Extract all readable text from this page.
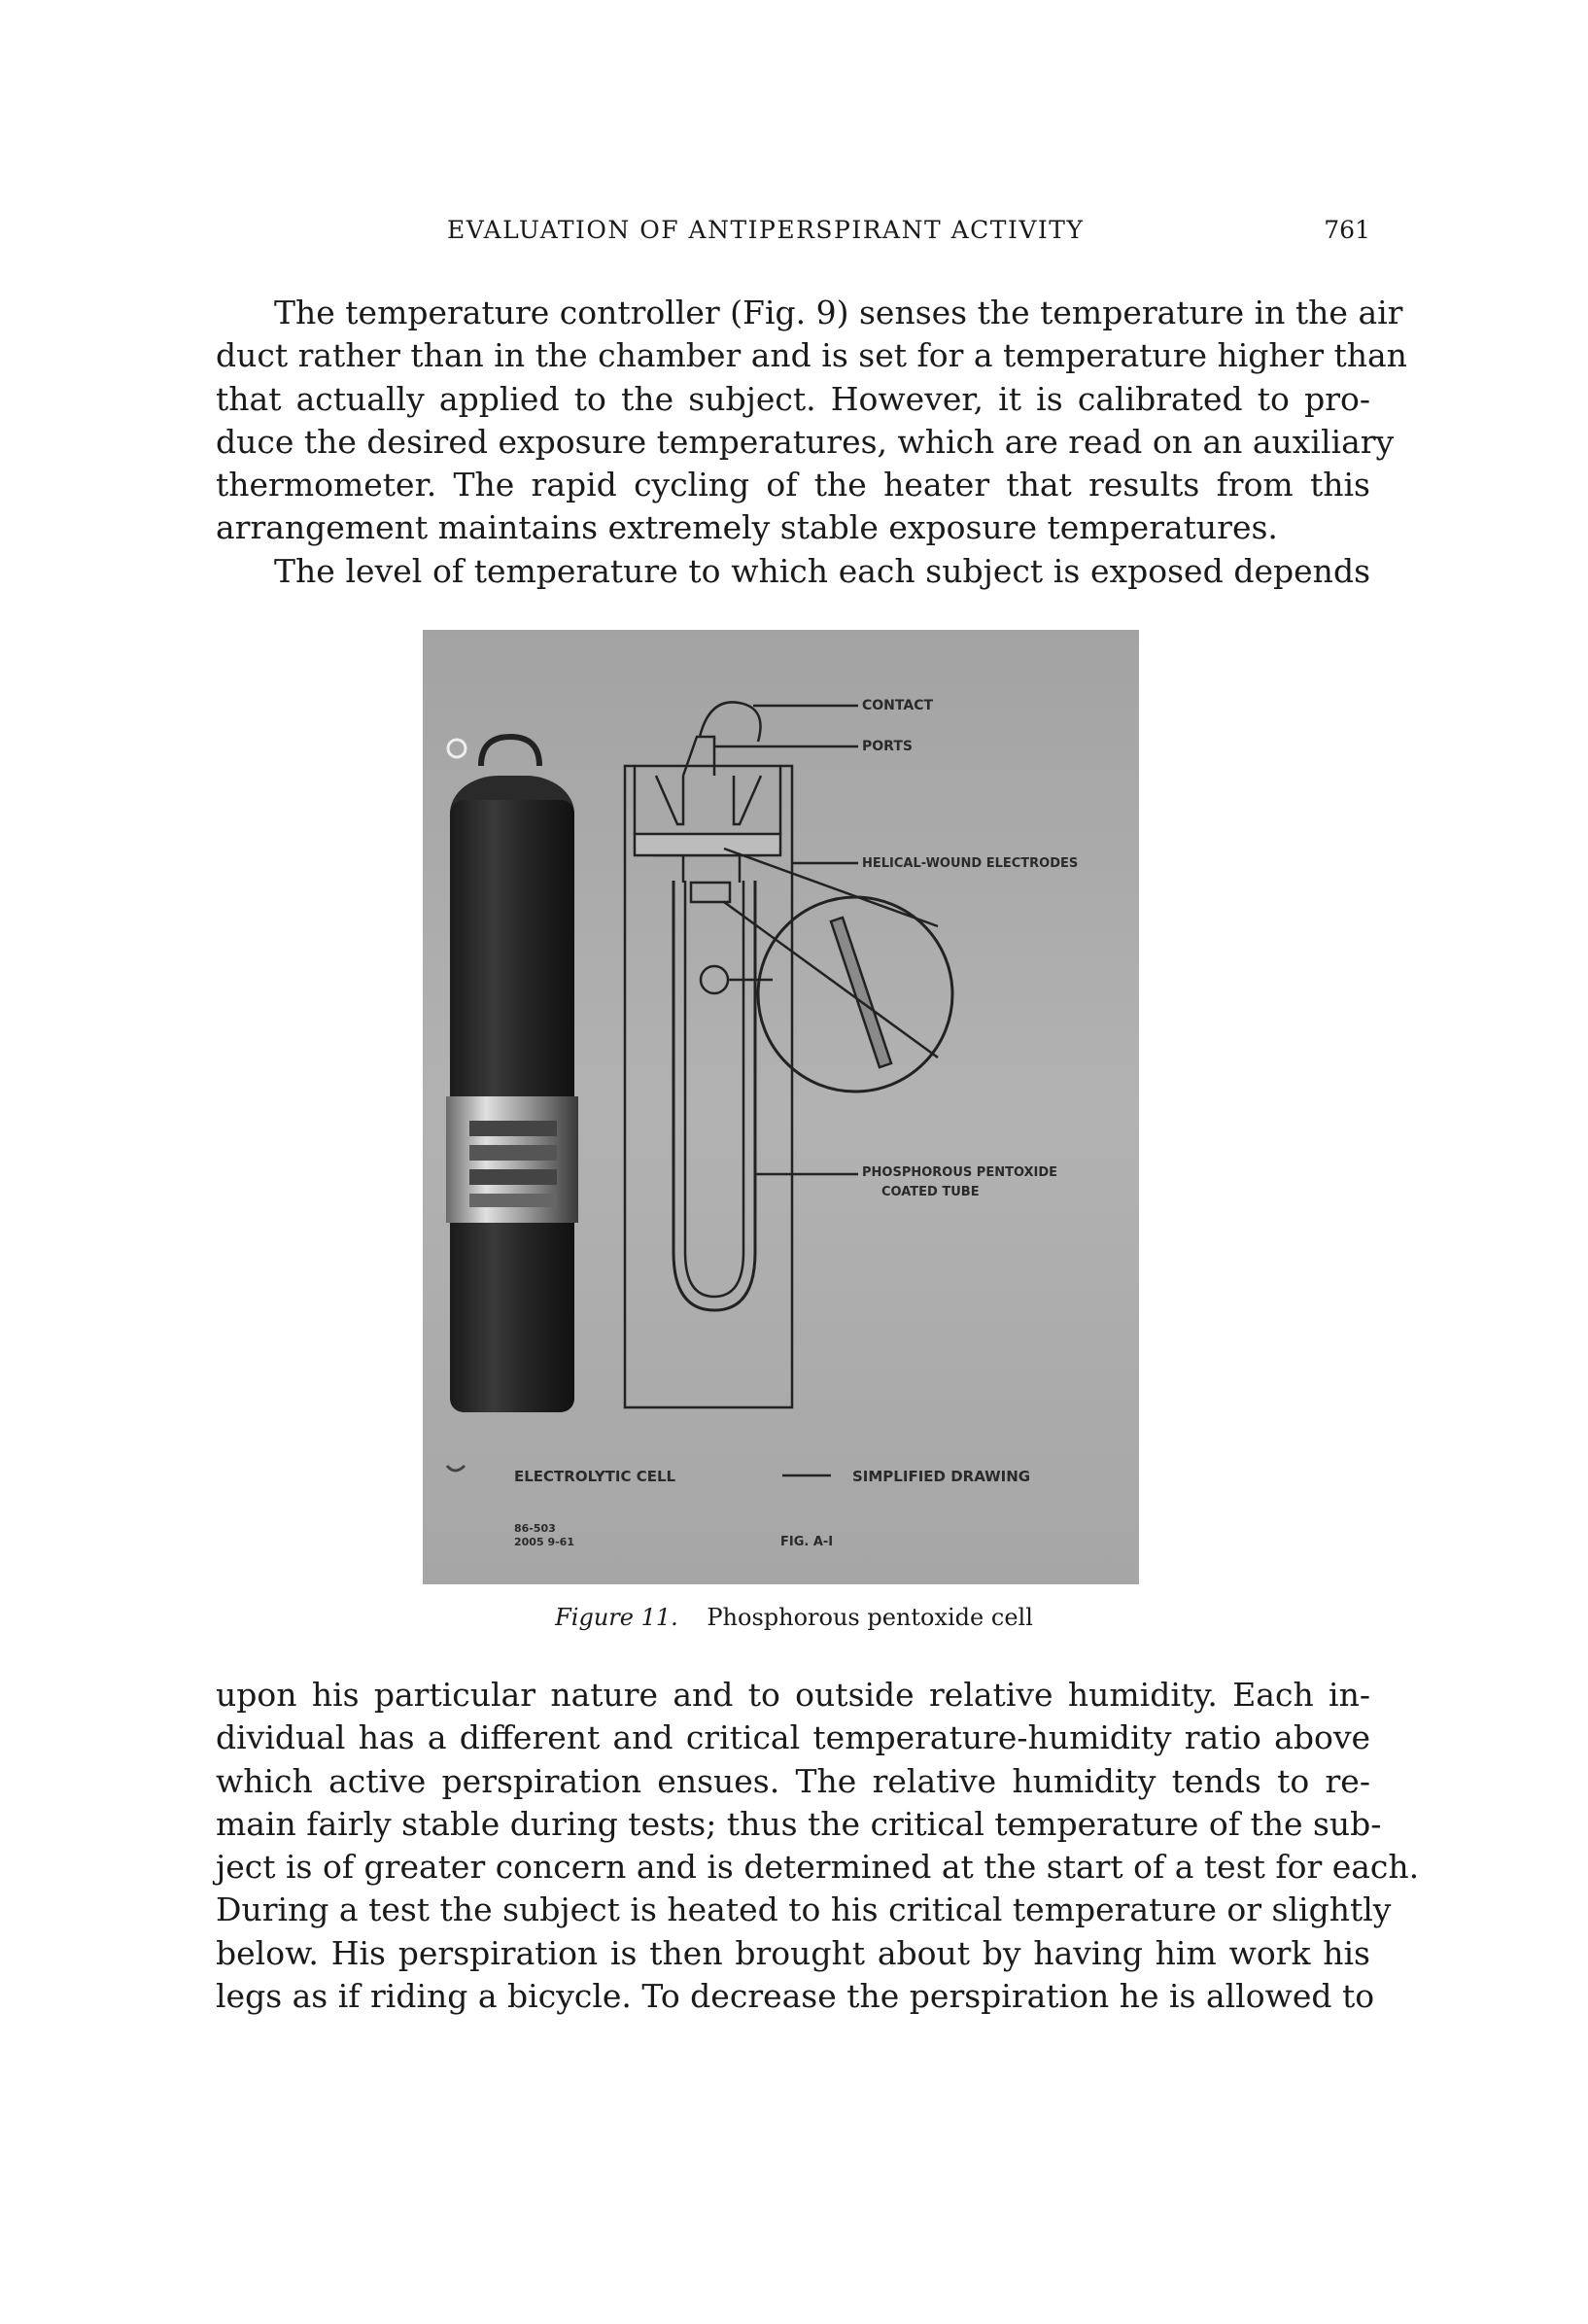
EVALUATION OF ANTIPERSPIRANT ACTIVITY	761

The temperature controller (Fig. 9) senses the temperature in the air
duct rather than in the chamber and is set for a temperature higher than
that actually applied to the subject. However, it is calibrated to pro-
duce the desired exposure temperatures, which are read on an auxiliary
thermometer. The rapid cycling of the heater that results from this
arrangement maintains extremely stable exposure temperatures.

The level of temperature to which each subject is exposed depends

CONTACT
PORTS
HELICAL-WOUND ELECTRODES
PHOSPHOROUS PENTOXIDE
COATED TUBE
ELECTROLYTIC CELL	SIMPLIFIED DRAWING
FIG. A-I
86-503
2005 9-61
Figure 11. Phosphorous pentoxide cell

upon his particular nature and to outside relative humidity. Each in-
dividual has a different and critical temperature-humidity ratio above
which active perspiration ensues. The relative humidity tends to re-
main fairly stable during tests; thus the critical temperature of the sub-
ject is of greater concern and is determined at the start of a test for each.
During a test the subject is heated to his critical temperature or slightly
below. His perspiration is then brought about by having him work his
legs as if riding a bicycle. To decrease the perspiration he is allowed to
